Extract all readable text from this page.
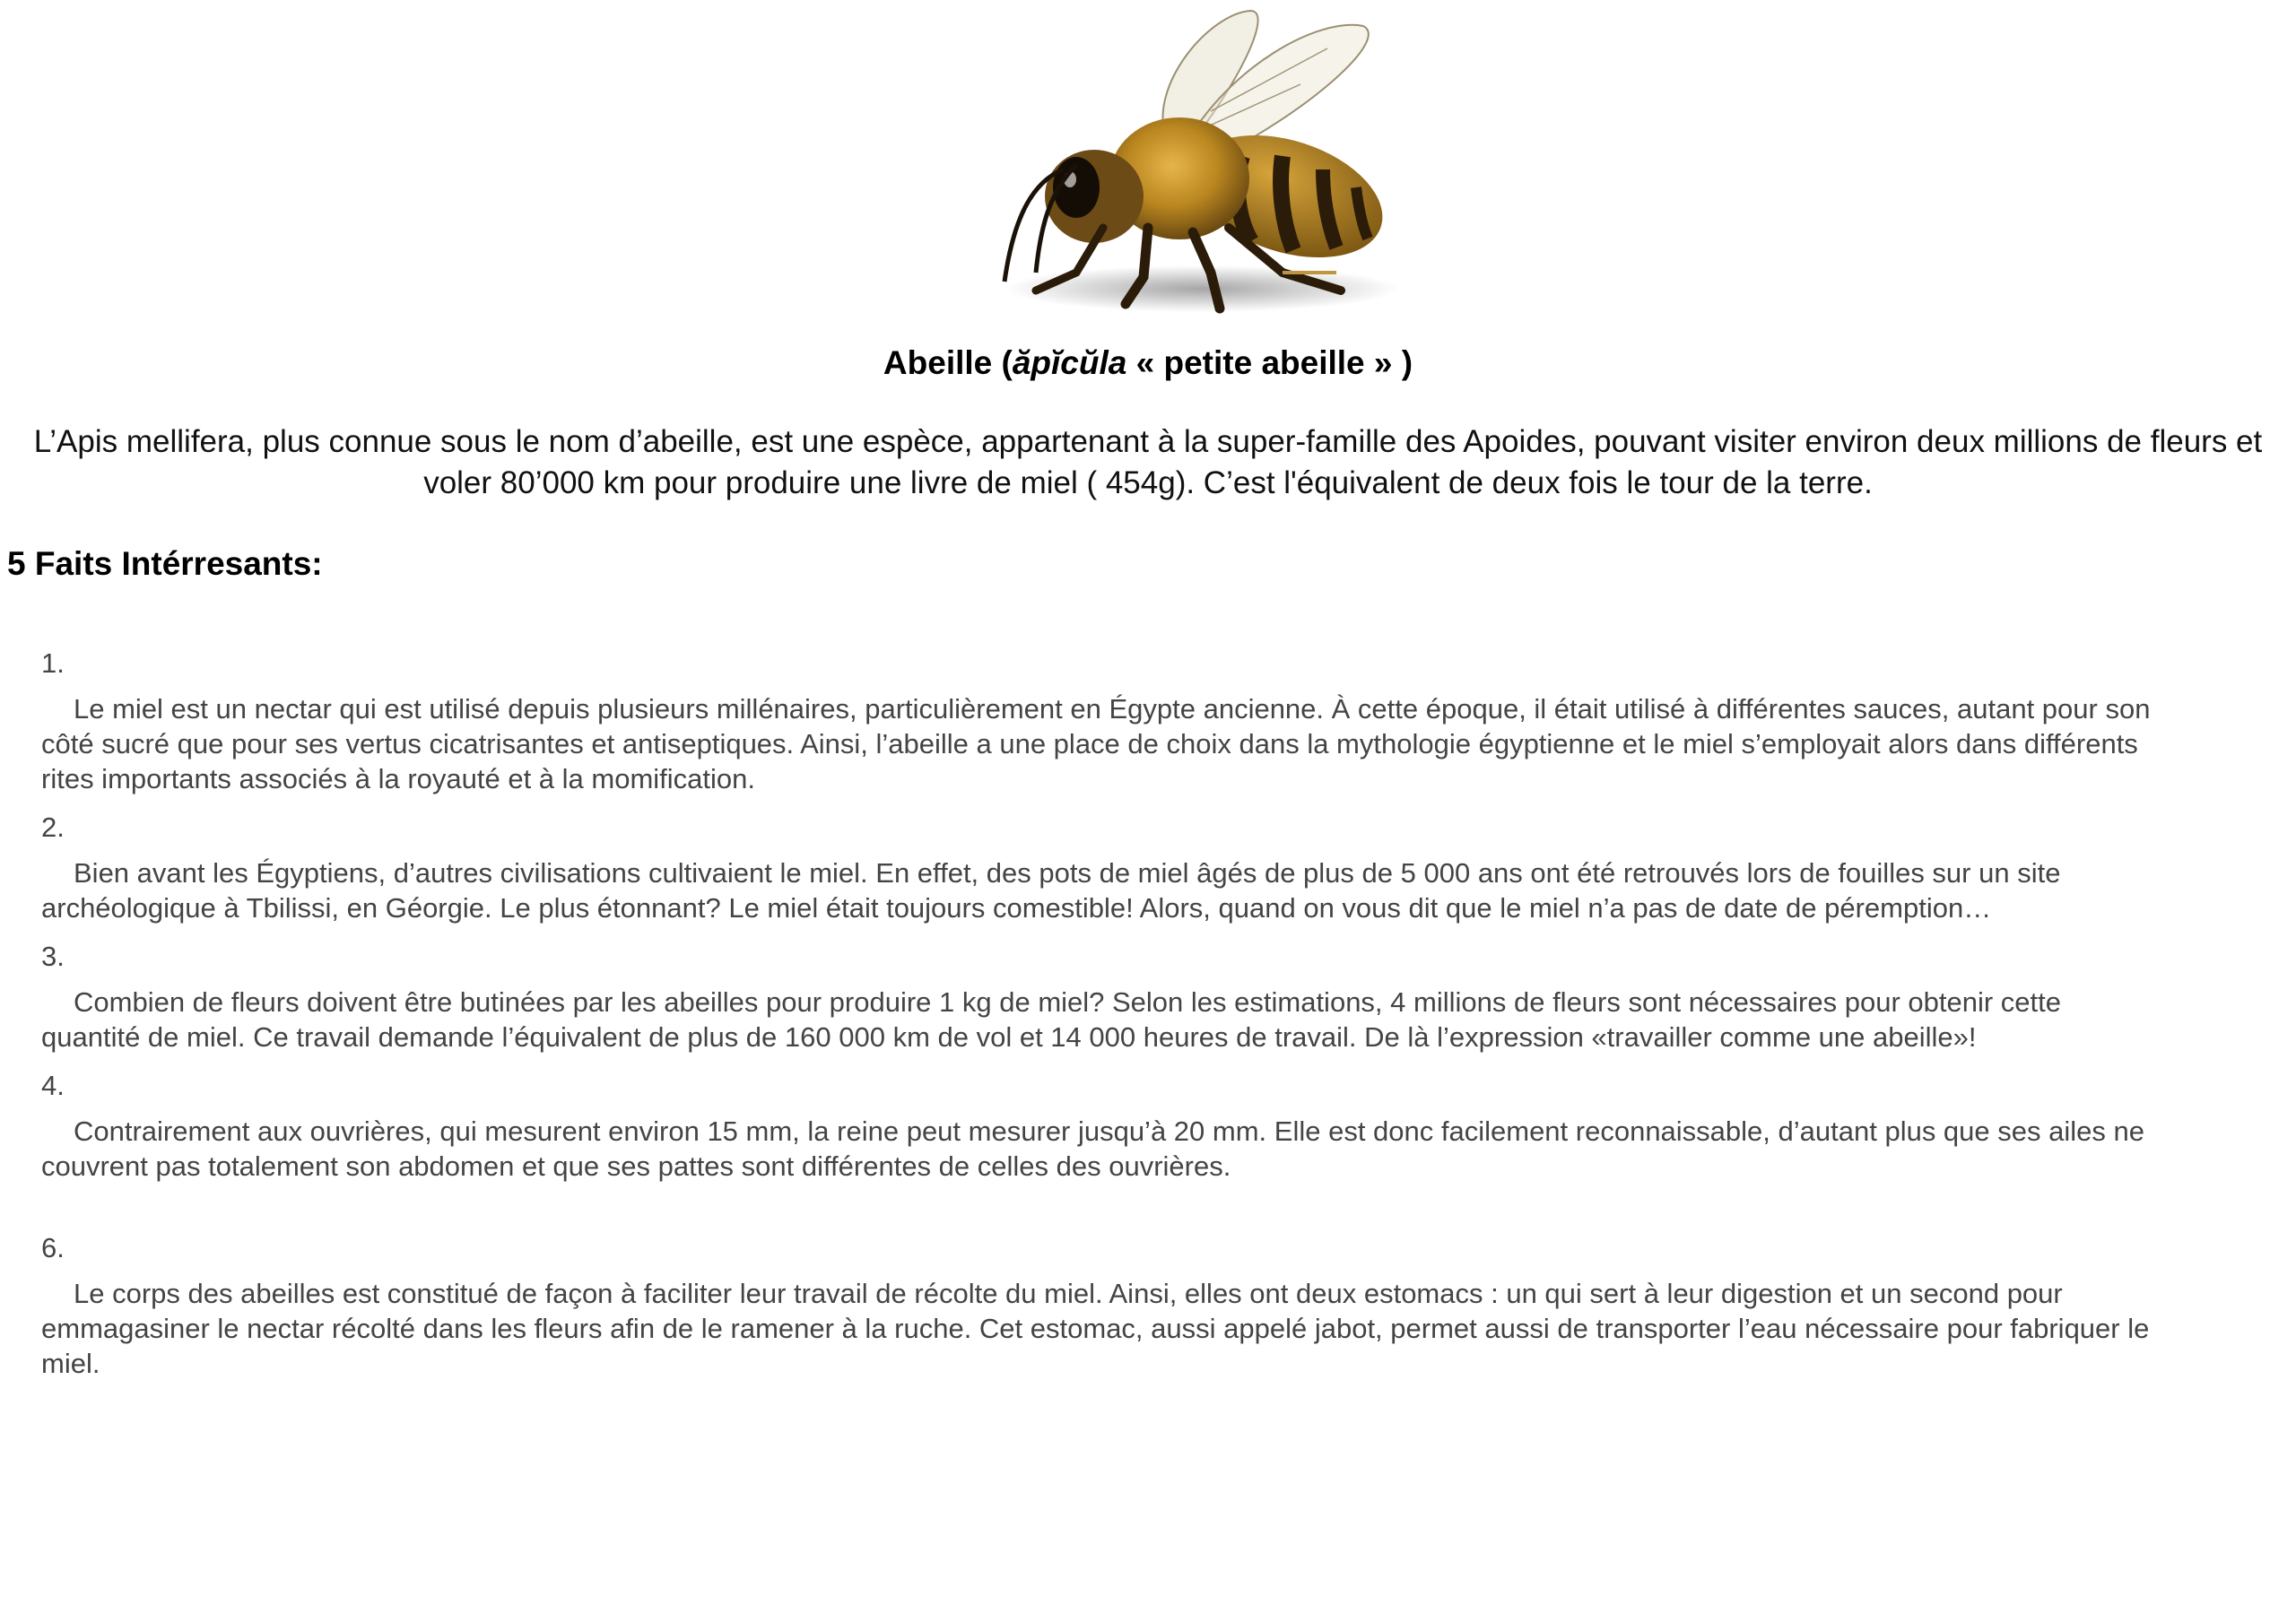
Abeille (ăpĭcŭla « petite abeille » )
L’Apis mellifera, plus connue sous le nom d’abeille, est une espèce, appartenant à la super-famille des Apoides, pouvant visiter environ deux millions de fleurs et voler 80’000 km pour produire une livre de miel ( 454g). C’est l'équivalent de deux fois le tour de la terre.
5 Faits Intérresants:
1.
Le miel est un nectar qui est utilisé depuis plusieurs millénaires, particulièrement en Égypte ancienne. À cette époque, il était utilisé à différentes sauces, autant pour son côté sucré que pour ses vertus cicatrisantes et antiseptiques. Ainsi, l’abeille a une place de choix dans la mythologie égyptienne et le miel s’employait alors dans différents rites importants associés à la royauté et à la momification.
2.
Bien avant les Égyptiens, d’autres civilisations cultivaient le miel. En effet, des pots de miel âgés de plus de 5 000 ans ont été retrouvés lors de fouilles sur un site archéologique à Tbilissi, en Géorgie. Le plus étonnant? Le miel était toujours comestible! Alors, quand on vous dit que le miel n’a pas de date de péremption…
3.
Combien de fleurs doivent être butinées par les abeilles pour produire 1 kg de miel? Selon les estimations, 4 millions de fleurs sont nécessaires pour obtenir cette quantité de miel. Ce travail demande l’équivalent de plus de 160 000 km de vol et 14 000 heures de travail. De là l’expression «travailler comme une abeille»!
4.
Contrairement aux ouvrières, qui mesurent environ 15 mm, la reine peut mesurer jusqu’à 20 mm. Elle est donc facilement reconnaissable, d’autant plus que ses ailes ne couvrent pas totalement son abdomen et que ses pattes sont différentes de celles des ouvrières.
6.
Le corps des abeilles est constitué de façon à faciliter leur travail de récolte du miel. Ainsi, elles ont deux estomacs : un qui sert à leur digestion et un second pour emmagasiner le nectar récolté dans les fleurs afin de le ramener à la ruche. Cet estomac, aussi appelé jabot, permet aussi de transporter l’eau nécessaire pour fabriquer le miel.
